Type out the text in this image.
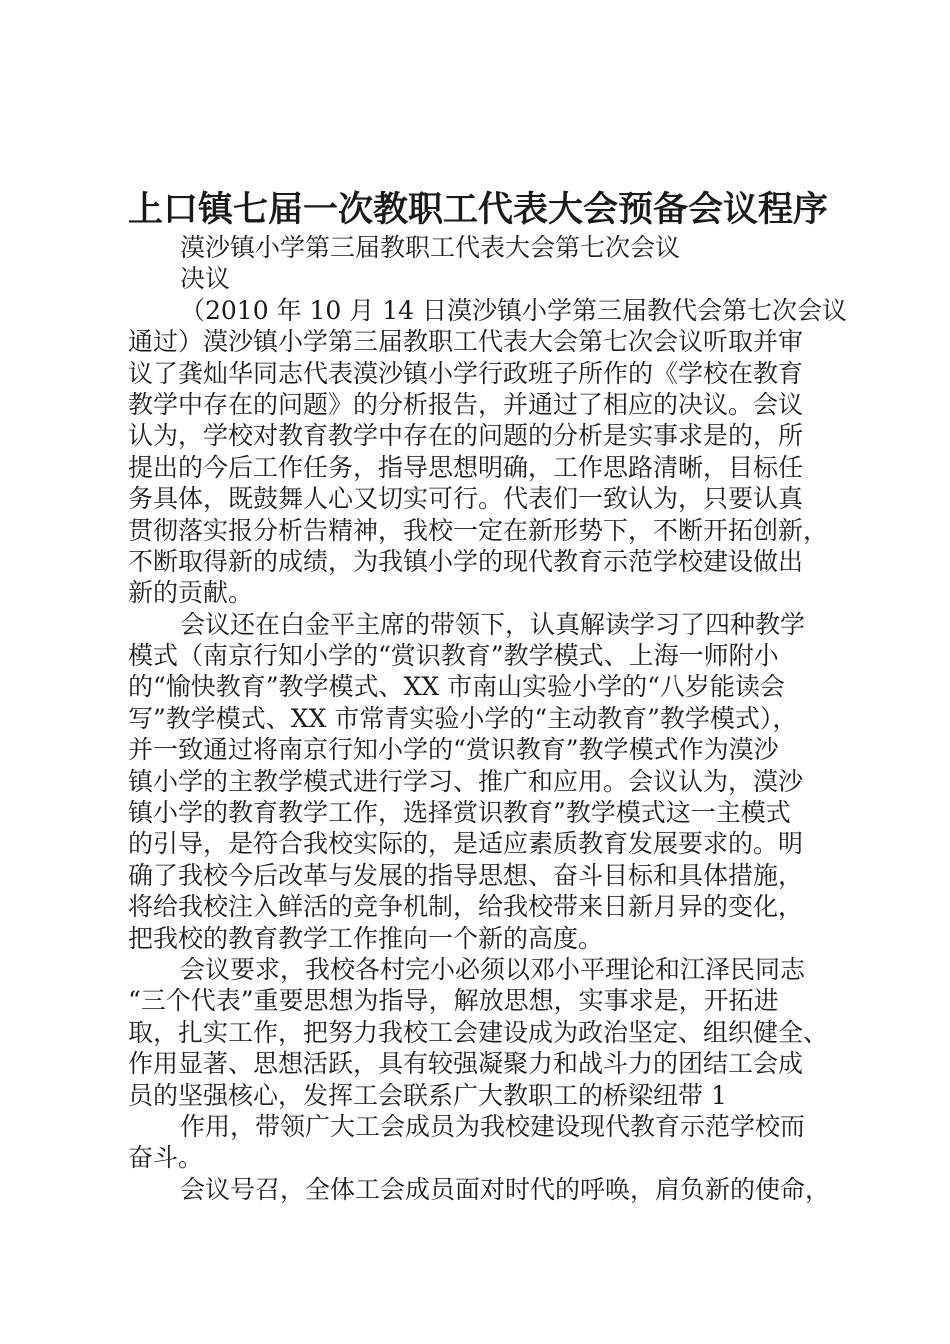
上口镇七届一次教职工代表大会预备会议程序
漠沙镇小学第三届教职工代表大会第七次会议
决议
（2010 年 10 月 14 日漠沙镇小学第三届教代会第七次会议
通过）漠沙镇小学第三届教职工代表大会第七次会议听取并审
议了龚灿华同志代表漠沙镇小学行政班子所作的《学校在教育
教学中存在的问题》的分析报告，并通过了相应的决议。会议
认为，学校对教育教学中存在的问题的分析是实事求是的，所
提出的今后工作任务，指导思想明确，工作思路清晰，目标任
务具体，既鼓舞人心又切实可行。代表们一致认为，只要认真
贯彻落实报分析告精神，我校一定在新形势下，不断开拓创新，
不断取得新的成绩，为我镇小学的现代教育示范学校建设做出
新的贡献。
会议还在白金平主席的带领下，认真解读学习了四种教学
模式（南京行知小学的“赏识教育”教学模式、上海一师附小
的“愉快教育”教学模式、XX 市南山实验小学的“八岁能读会
写”教学模式、XX 市常青实验小学的“主动教育”教学模式），
并一致通过将南京行知小学的“赏识教育”教学模式作为漠沙
镇小学的主教学模式进行学习、推广和应用。会议认为，漠沙
镇小学的教育教学工作，选择赏识教育”教学模式这一主模式
的引导，是符合我校实际的，是适应素质教育发展要求的。明
确了我校今后改革与发展的指导思想、奋斗目标和具体措施，
将给我校注入鲜活的竞争机制，给我校带来日新月异的变化，
把我校的教育教学工作推向一个新的高度。
会议要求，我校各村完小必须以邓小平理论和江泽民同志
“三个代表”重要思想为指导，解放思想，实事求是，开拓进
取，扎实工作，把努力我校工会建设成为政治坚定、组织健全、
作用显著、思想活跃，具有较强凝聚力和战斗力的团结工会成
员的坚强核心，发挥工会联系广大教职工的桥梁纽带 1
作用，带领广大工会成员为我校建设现代教育示范学校而
奋斗。
会议号召，全体工会成员面对时代的呼唤，肩负新的使命，
